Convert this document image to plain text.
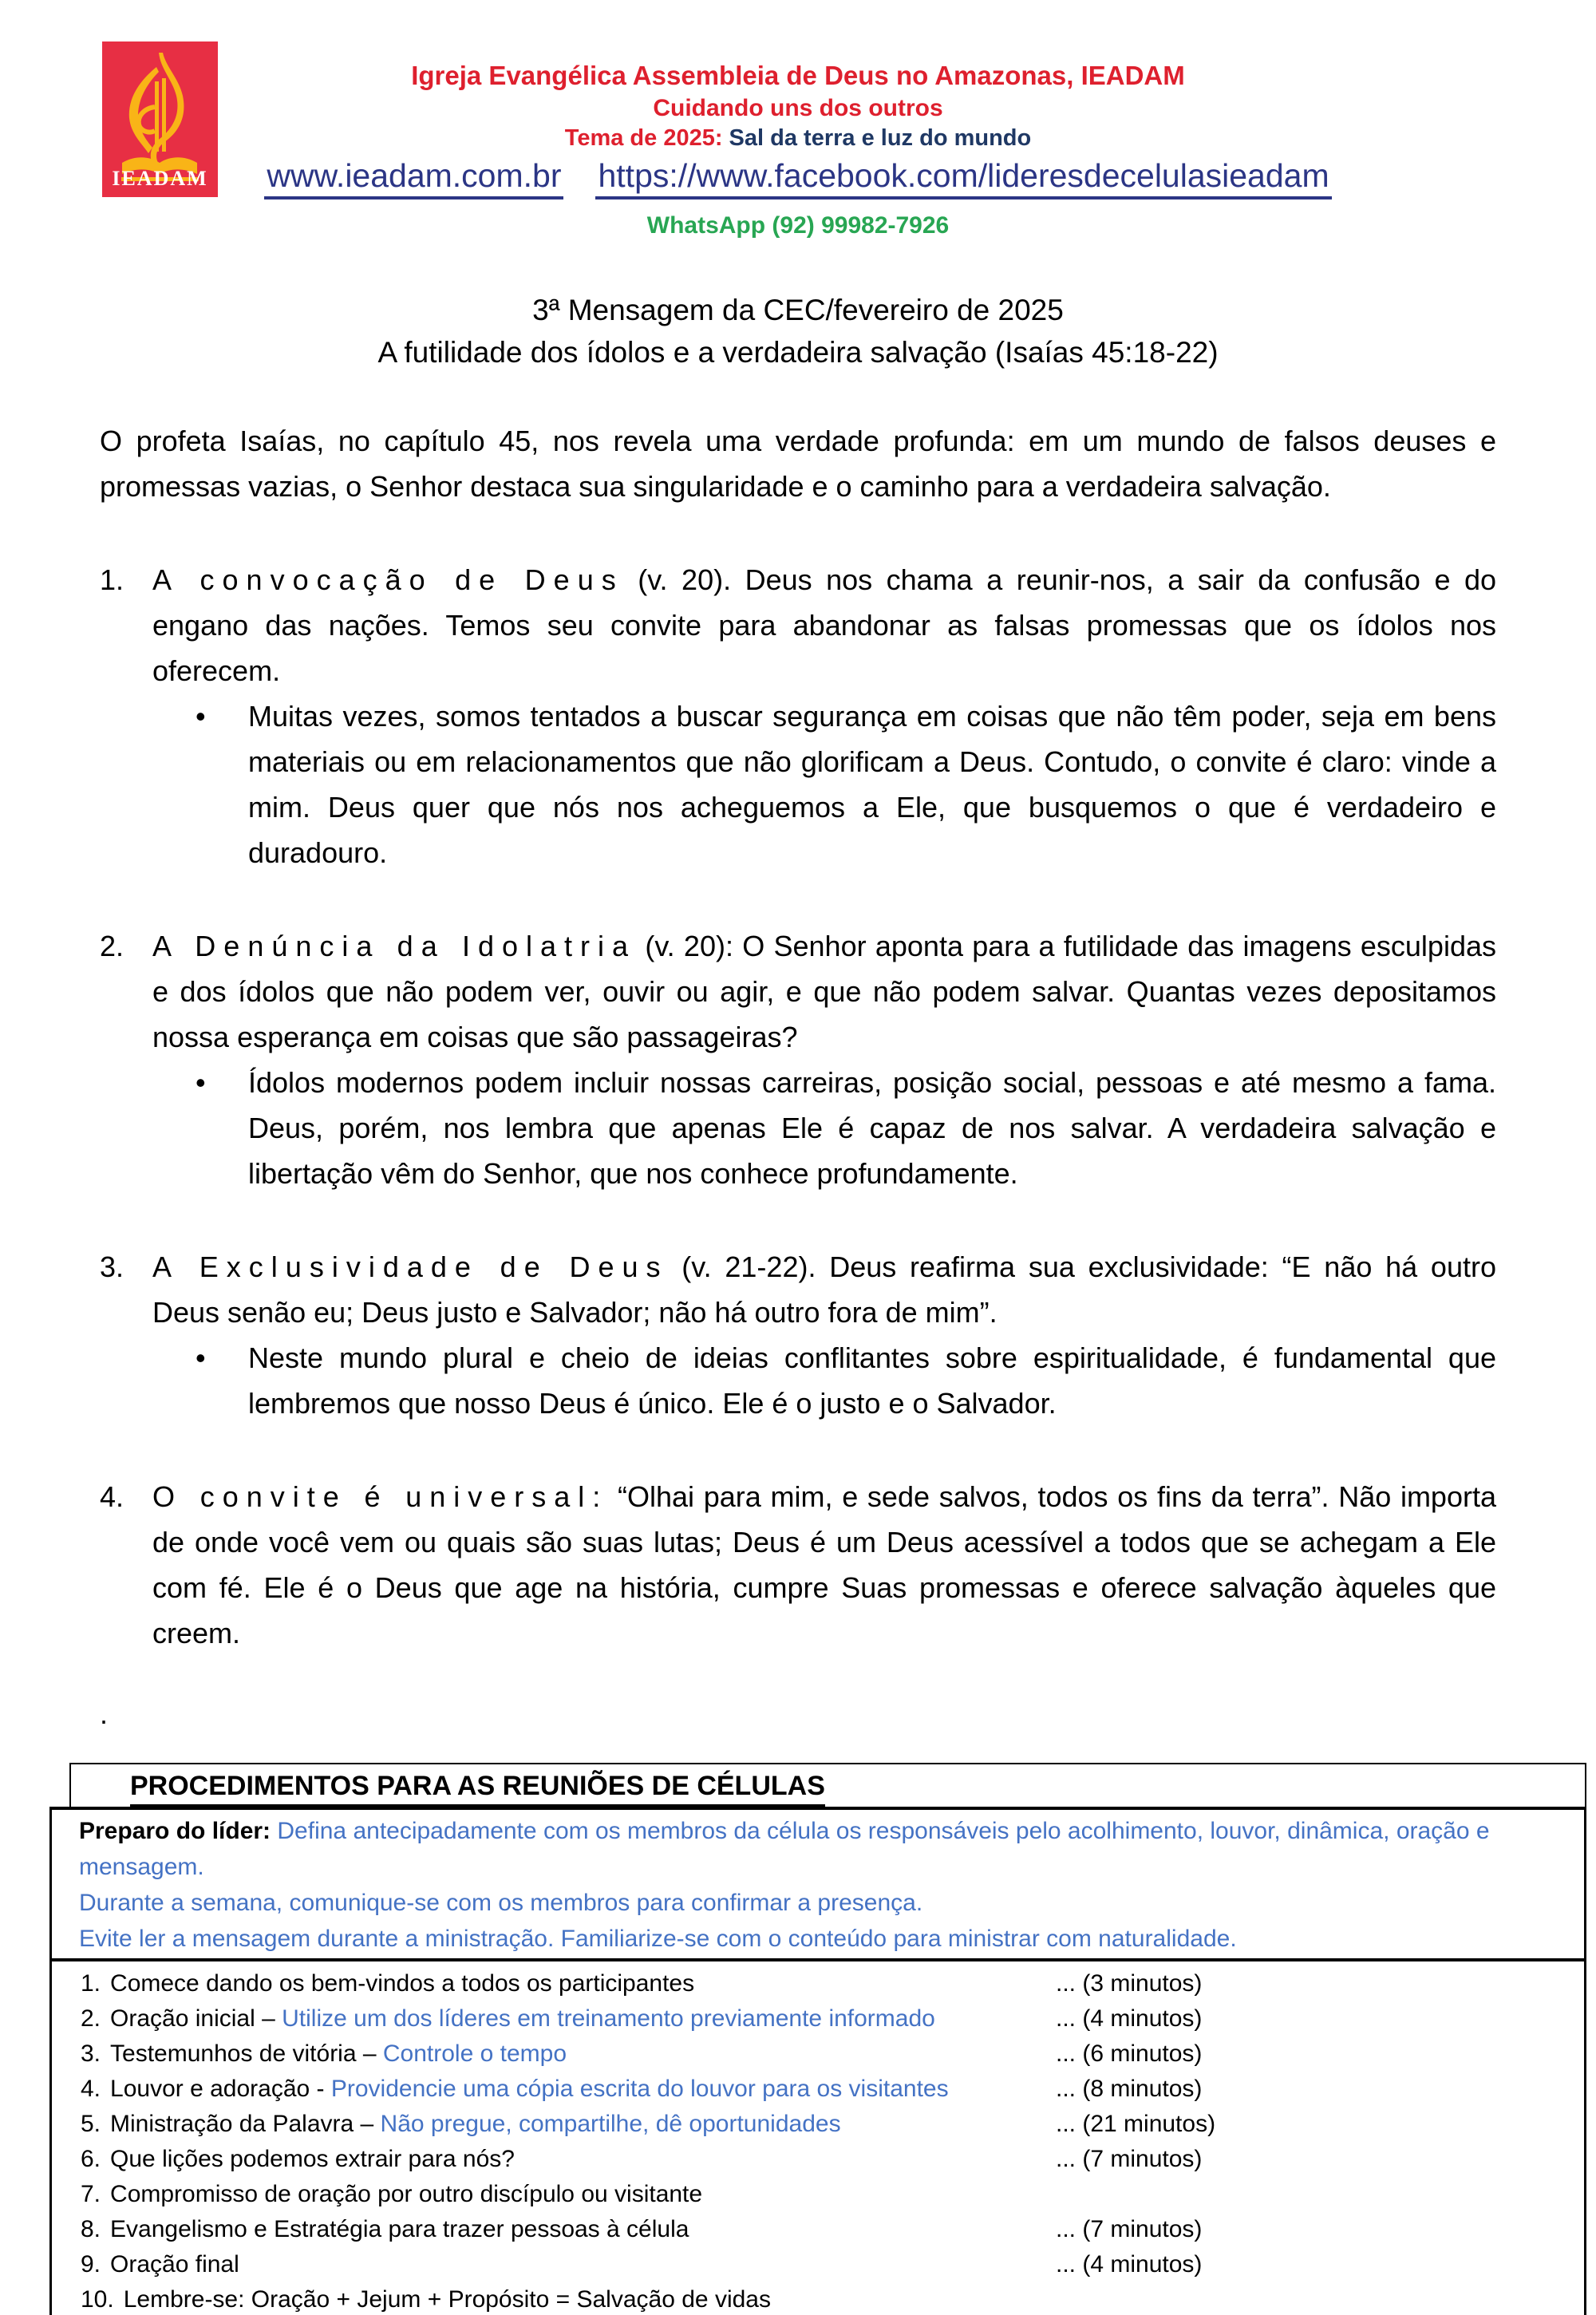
IEADAM
Igreja Evangélica Assembleia de Deus no Amazonas, IEADAM
Cuidando uns dos outros
Tema de 2025: Sal da terra e luz do mundo
www.ieadam.com.br https://www.facebook.com/lideresdecelulasieadam
WhatsApp (92) 99982-7926
3ª Mensagem da CEC/fevereiro de 2025
A futilidade dos ídolos e a verdadeira salvação (Isaías 45:18-22)
O profeta Isaías, no capítulo 45, nos revela uma verdade profunda: em um mundo de falsos deuses e promessas vazias, o Senhor destaca sua singularidade e o caminho para a verdadeira salvação.
1. A convocação de Deus (v. 20). Deus nos chama a reunir-nos, a sair da confusão e do engano das nações. Temos seu convite para abandonar as falsas promessas que os ídolos nos oferecem.
•	Muitas vezes, somos tentados a buscar segurança em coisas que não têm poder, seja em bens materiais ou em relacionamentos que não glorificam a Deus. Contudo, o convite é claro: vinde a mim. Deus quer que nós nos acheguemos a Ele, que busquemos o que é verdadeiro e duradouro.
2. A Denúncia da Idolatria (v. 20): O Senhor aponta para a futilidade das imagens esculpidas e dos ídolos que não podem ver, ouvir ou agir, e que não podem salvar. Quantas vezes depositamos nossa esperança em coisas que são passageiras?
•	Ídolos modernos podem incluir nossas carreiras, posição social, pessoas e até mesmo a fama. Deus, porém, nos lembra que apenas Ele é capaz de nos salvar. A verdadeira salvação e libertação vêm do Senhor, que nos conhece profundamente.
3. A Exclusividade de Deus (v. 21-22). Deus reafirma sua exclusividade: “E não há outro Deus senão eu; Deus justo e Salvador; não há outro fora de mim”.
•	Neste mundo plural e cheio de ideias conflitantes sobre espiritualidade, é fundamental que lembremos que nosso Deus é único. Ele é o justo e o Salvador.
4. O convite é universal: “Olhai para mim, e sede salvos, todos os fins da terra”. Não importa de onde você vem ou quais são suas lutas; Deus é um Deus acessível a todos que se achegam a Ele com fé. Ele é o Deus que age na história, cumpre Suas promessas e oferece salvação àqueles que creem.
.
PROCEDIMENTOS PARA AS REUNIÕES DE CÉLULAS
Preparo do líder: Defina antecipadamente com os membros da célula os responsáveis pelo acolhimento, louvor, dinâmica, oração e mensagem.
Durante a semana, comunique-se com os membros para confirmar a presença.
Evite ler a mensagem durante a ministração. Familiarize-se com o conteúdo para ministrar com naturalidade.
1. Comece dando os bem-vindos a todos os participantes	... (3 minutos)
2. Oração inicial – Utilize um dos líderes em treinamento previamente informado	... (4 minutos)
3. Testemunhos de vitória – Controle o tempo	... (6 minutos)
4. Louvor e adoração - Providencie uma cópia escrita do louvor para os visitantes	... (8 minutos)
5. Ministração da Palavra – Não pregue, compartilhe, dê oportunidades	... (21 minutos)
6. Que lições podemos extrair para nós?	... (7 minutos)
7. Compromisso de oração por outro discípulo ou visitante
8. Evangelismo e Estratégia para trazer pessoas à célula	... (7 minutos)
9. Oração final	... (4 minutos)
10. Lembre-se: Oração + Jejum + Propósito = Salvação de vidas
